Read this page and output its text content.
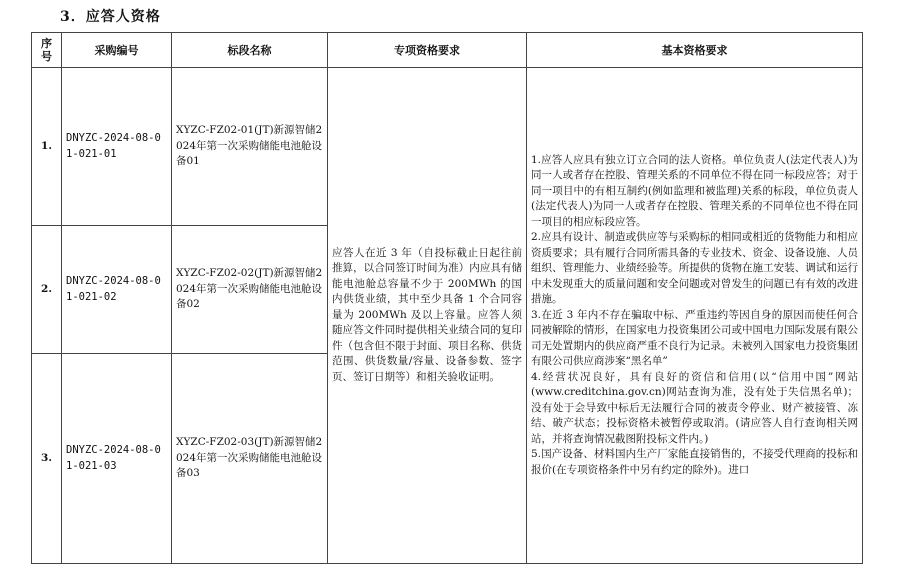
3．应答人资格
序号	采购编号	标段名称	专项资格要求	基本资格要求
1.	DNYZC-2024-08-01-021-01	XYZC-FZ02-01(JT)新源智储2024年第一次采购储能电池舱设备01	应答人在近 3 年（自投标截止日起往前推算，以合同签订时间为准）内应具有储能电池舱总容量不少于 200MWh 的国内供货业绩，其中至少具备 1 个合同容量为 200MWh 及以上容量。应答人须随应答文件同时提供相关业绩合同的复印件（包含但不限于封面、项目名称、供货范围、供货数量/容量、设备参数、签字页、签订日期等）和相关验收证明。	1.应答人应具有独立订立合同的法人资格。单位负责人(法定代表人)为同一人或者存在控股、管理关系的不同单位不得在同一标段应答；对于同一项目中的有相互制约(例如监理和被监理)关系的标段，单位负责人(法定代表人)为同一人或者存在控股、管理关系的不同单位也不得在同一项目的相应标段应答。

2.应具有设计、制造或供应等与采购标的相同或相近的货物能力和相应资质要求；具有履行合同所需具备的专业技术、资金、设备设施、人员组织、管理能力、业绩经验等。所提供的货物在施工安装、调试和运行中未发现重大的质量问题和安全问题或对曾发生的问题已有有效的改进措施。

3.在近 3 年内不存在骗取中标、严重违约等因自身的原因而使任何合同被解除的情形，在国家电力投资集团公司或中国电力国际发展有限公司无处置期内的供应商严重不良行为记录。未被列入国家电力投资集团有限公司供应商涉案“黑名单”

4.经营状况良好，具有良好的资信和信用(以“信用中国”网站(www.creditchina.gov.cn)网站查询为准，没有处于失信黑名单)；没有处于会导致中标后无法履行合同的被责令停业、财产被接管、冻结、破产状态；投标资格未被暂停或取消。(请应答人自行查询相关网站，并将查询情况截图附投标文件内。)

5.国产设备、材料国内生产厂家能直接销售的，不接受代理商的投标和报价(在专项资格条件中另有约定的除外)。进口

2.	DNYZC-2024-08-01-021-02	XYZC-FZ02-02(JT)新源智储2024年第一次采购储能电池舱设备02		
3.	DNYZC-2024-08-01-021-03	XYZC-FZ02-03(JT)新源智储2024年第一次采购储能电池舱设备03		
